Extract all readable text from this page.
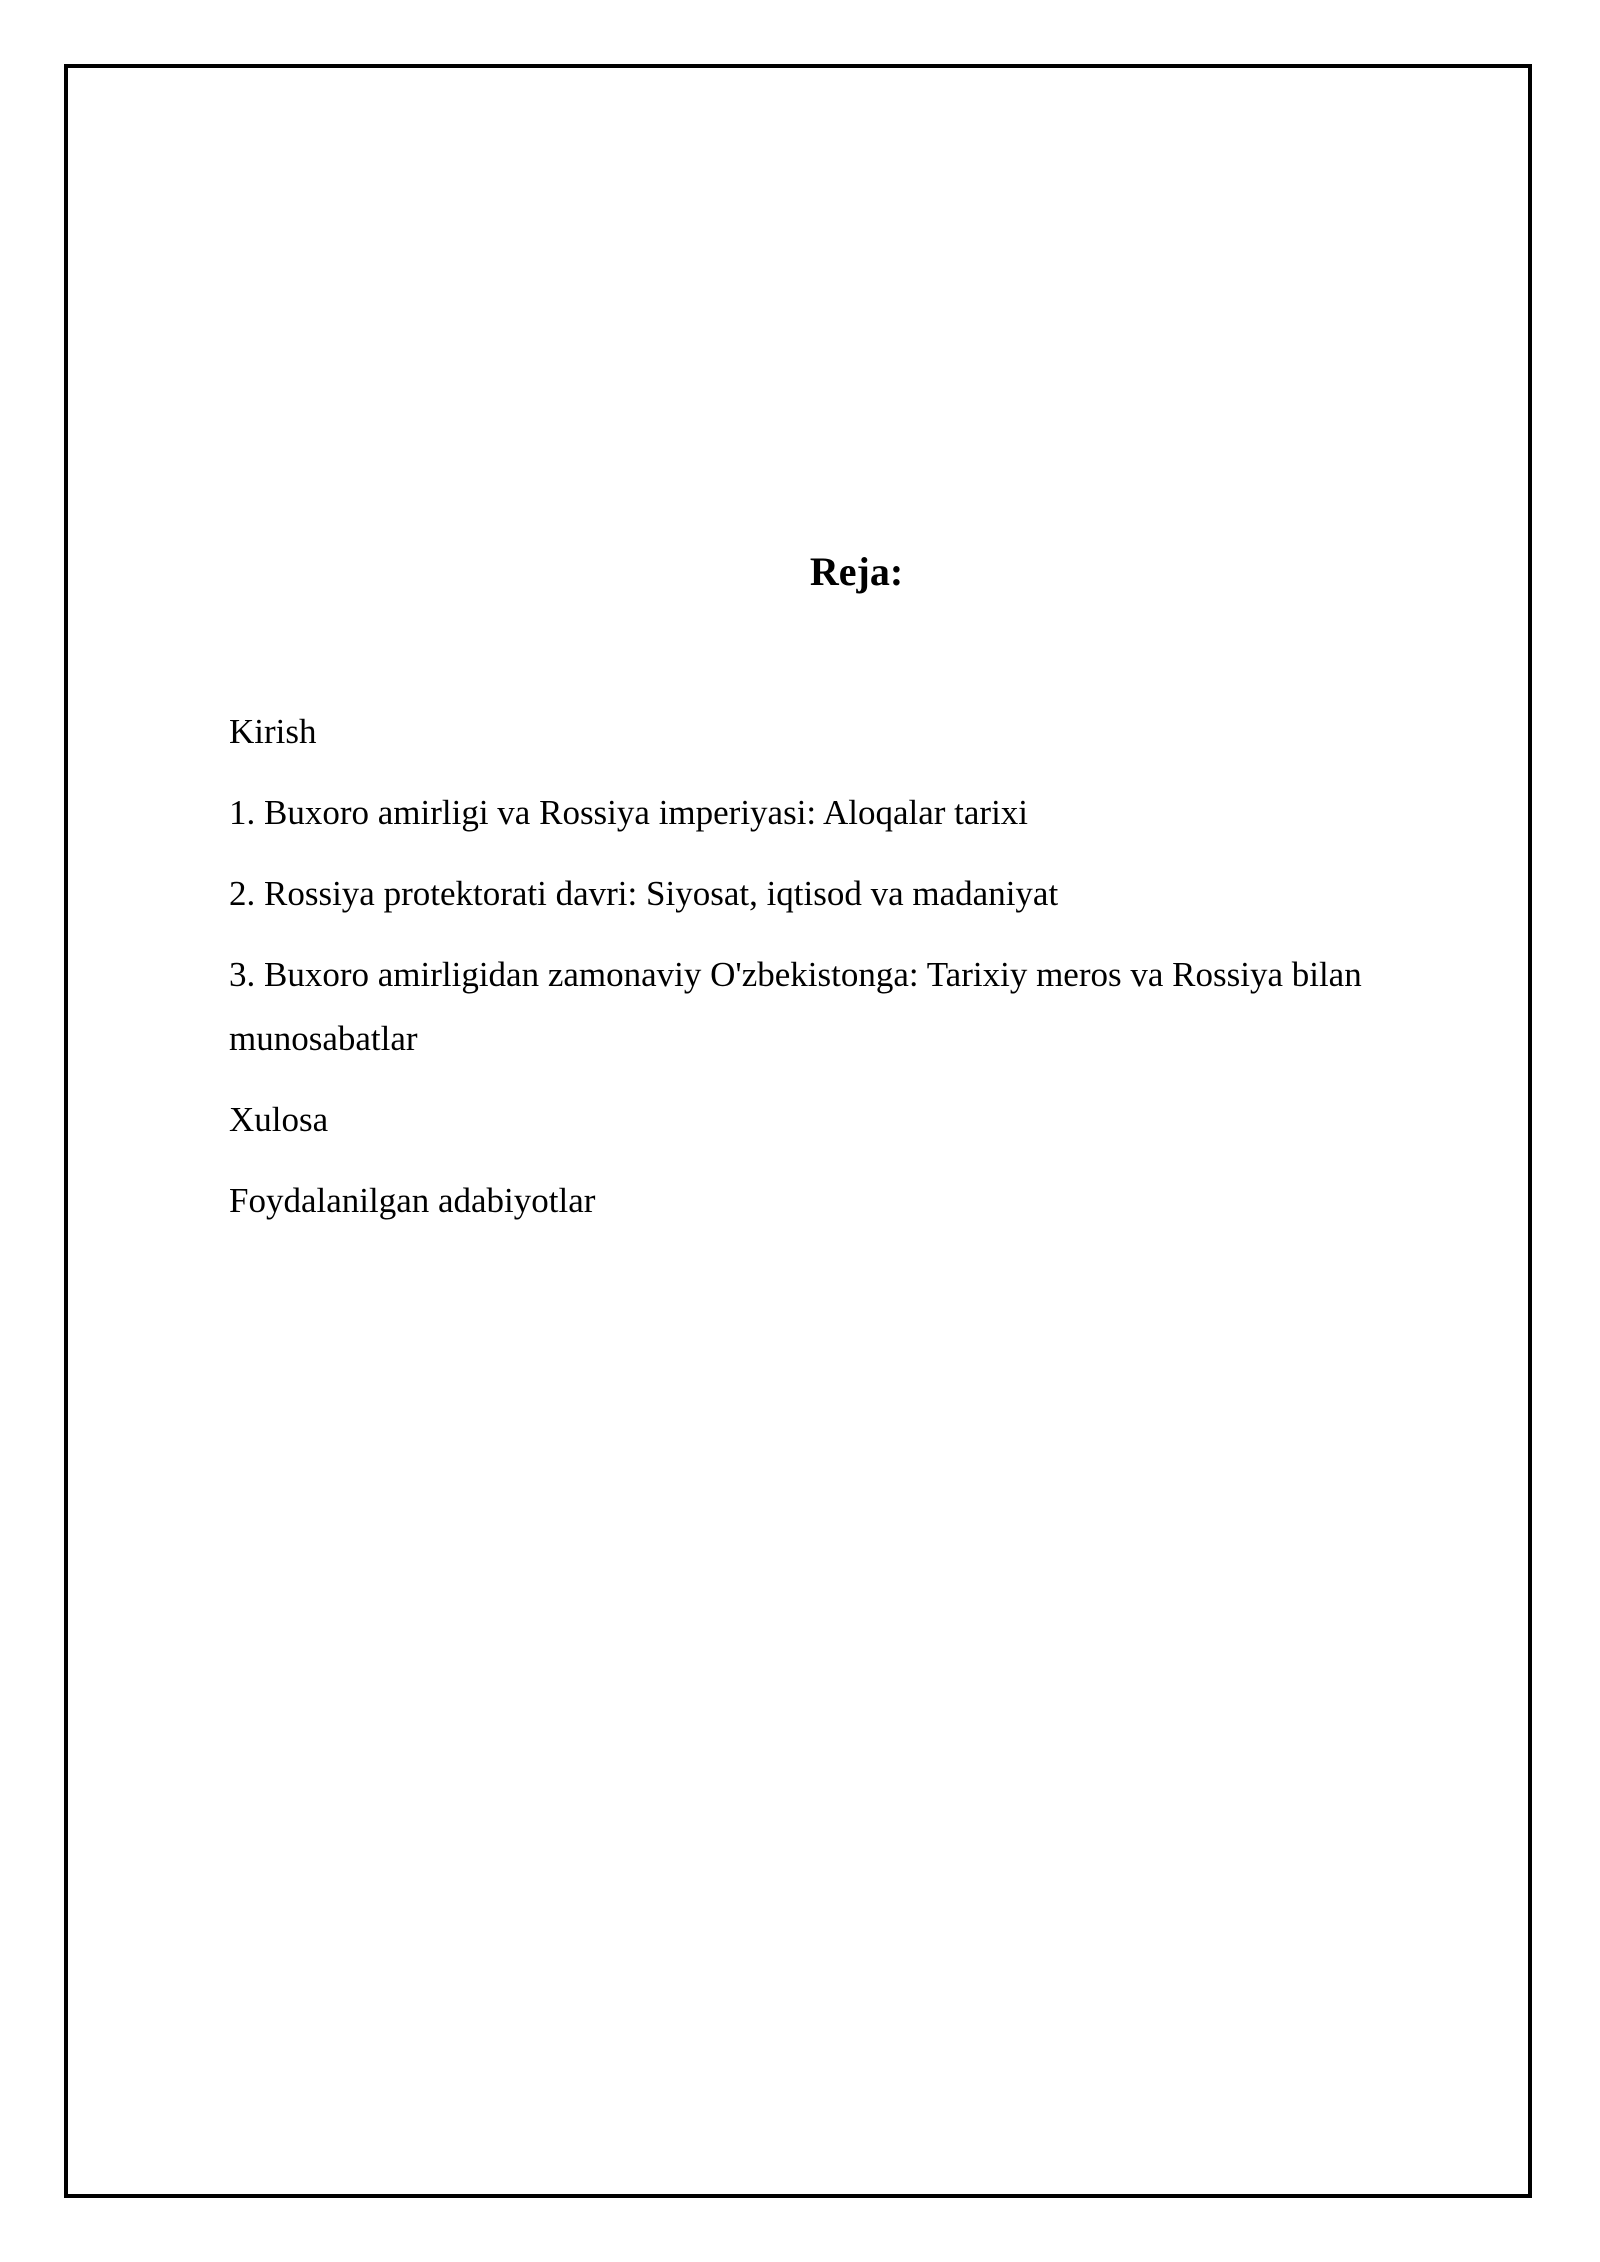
Reja:
Kirish
1. Buxoro amirligi va Rossiya imperiyasi: Aloqalar tarixi
2. Rossiya protektorati davri: Siyosat, iqtisod va madaniyat
3. Buxoro amirligidan zamonaviy O'zbekistonga: Tarixiy meros va Rossiya bilan munosabatlar
Xulosa
Foydalanilgan adabiyotlar
